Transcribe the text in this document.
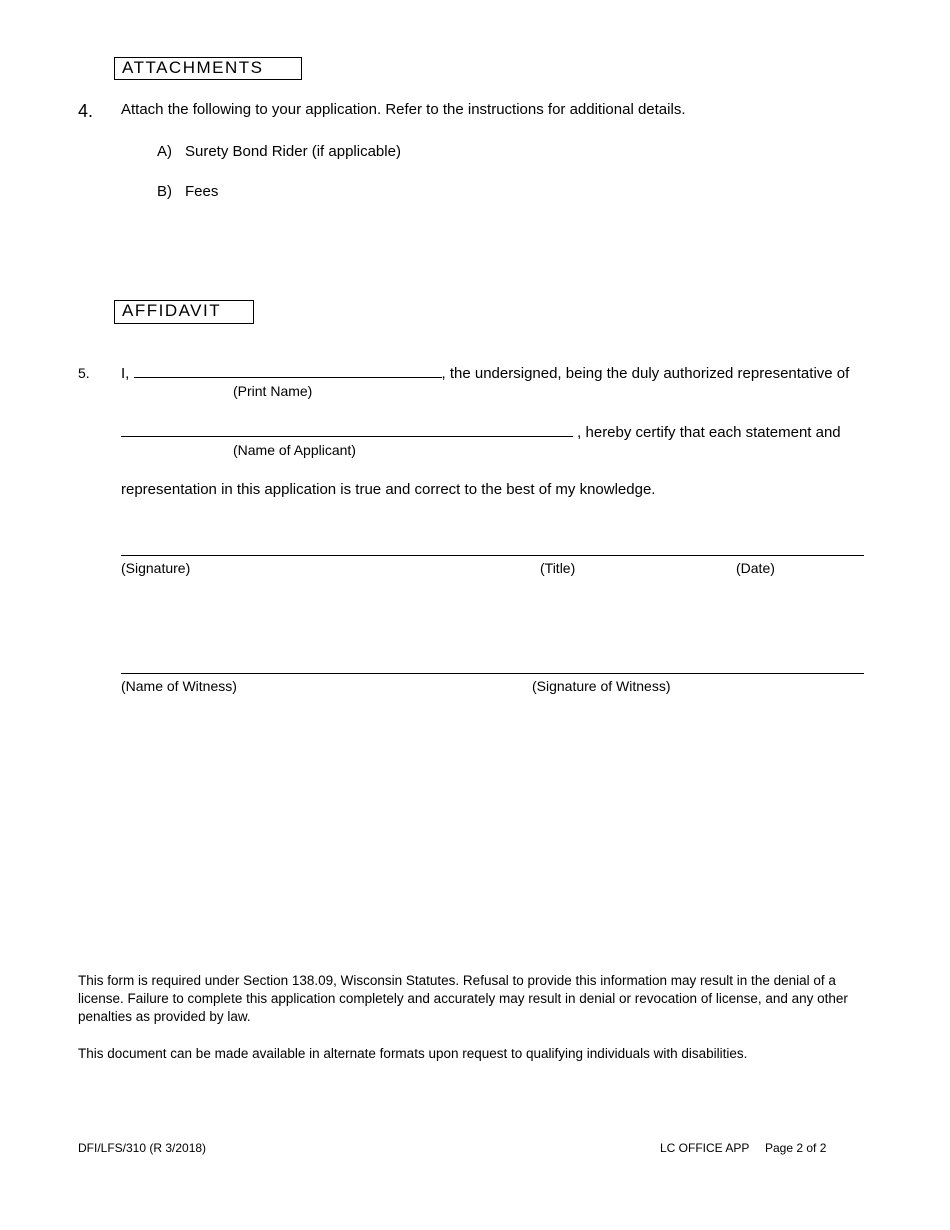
ATTACHMENTS
4. Attach the following to your application. Refer to the instructions for additional details.
A) Surety Bond Rider (if applicable)
B) Fees
AFFIDAVIT
5. I,	, the undersigned, being the duly authorized representative of
(Print Name)
, hereby certify that each statement and
(Name of Applicant)
representation in this application is true and correct to the best of my knowledge.
(Signature)	(Title)	(Date)
(Name of Witness)	(Signature of Witness)
This form is required under Section 138.09, Wisconsin Statutes. Refusal to provide this information may result in the denial of a license. Failure to complete this application completely and accurately may result in denial or revocation of license, and any other penalties as provided by law.
This document can be made available in alternate formats upon request to qualifying individuals with disabilities.
DFI/LFS/310 (R 3/2018)	LC OFFICE APP Page 2 of 2
